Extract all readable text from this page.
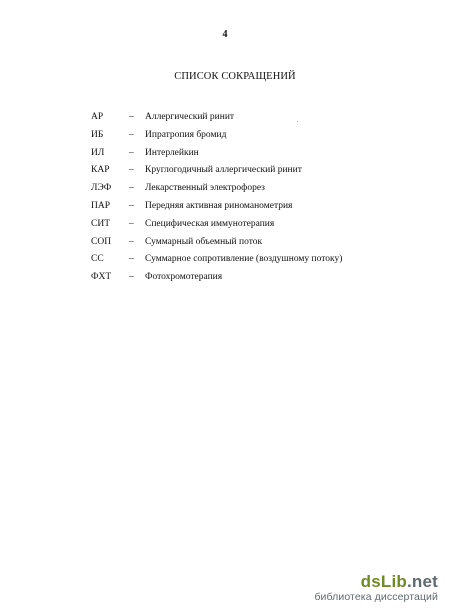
4
СПИСОК СОКРАЩЕНИЙ
АР	– Аллергический ринит
ИБ	– Ипратропия бромид
ИЛ	– Интерлейкин
КАР	– Круглогодичный аллергический ринит
ЛЭФ	– Лекарственный электрофорез
ПАР	– Передняя активная риноманометрия
СИТ	– Специфическая иммунотерапия
СОП	– Суммарный объемный поток
СС	– Суммарное сопротивление (воздушному потоку)
ФХТ	– Фотохромотерапия
dsLib.net
библиотека диссертаций
